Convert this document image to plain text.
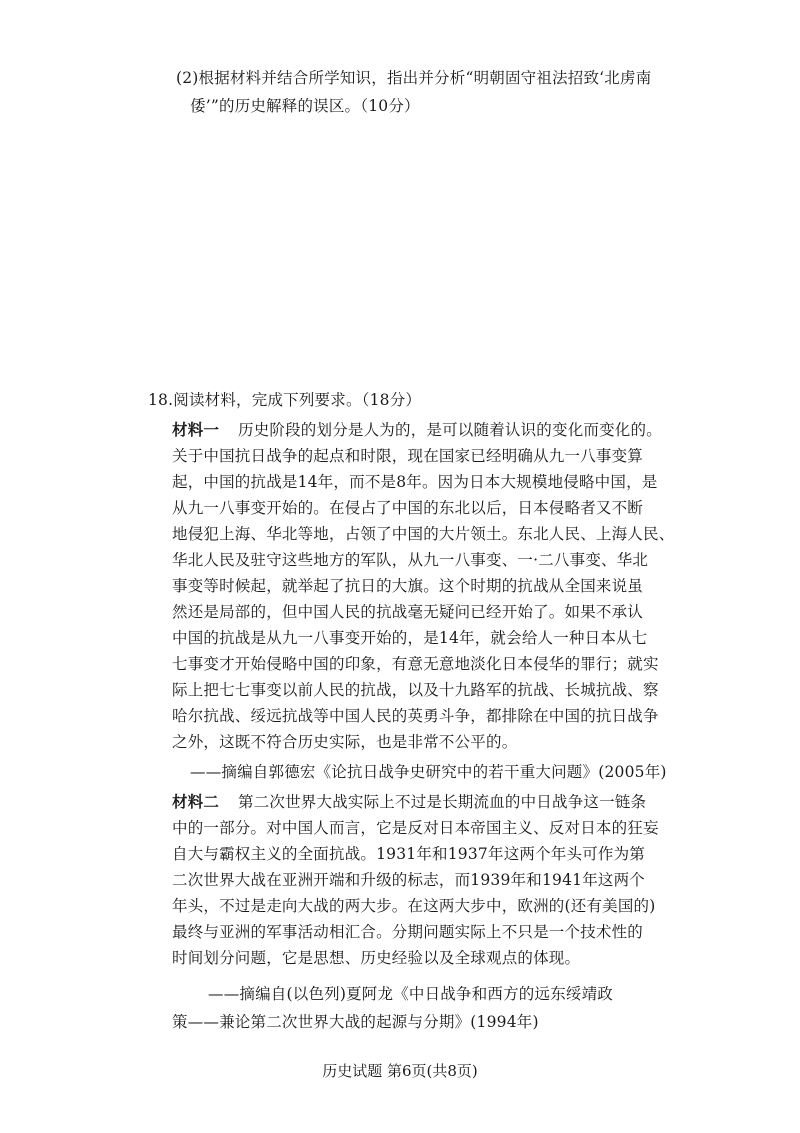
(2)根据材料并结合所学知识，指出并分析“明朝固守祖法招致‘北虏南
倭’”的历史解释的误区。（10分）
18.阅读材料，完成下列要求。（18分）
材料一 历史阶段的划分是人为的，是可以随着认识的变化而变化的。
关于中国抗日战争的起点和时限，现在国家已经明确从九一八事变算
起，中国的抗战是14年，而不是8年。因为日本大规模地侵略中国，是
从九一八事变开始的。在侵占了中国的东北以后，日本侵略者又不断
地侵犯上海、华北等地，占领了中国的大片领土。东北人民、上海人民、
华北人民及驻守这些地方的军队，从九一八事变、一·二八事变、华北
事变等时候起，就举起了抗日的大旗。这个时期的抗战从全国来说虽
然还是局部的，但中国人民的抗战毫无疑问已经开始了。如果不承认
中国的抗战是从九一八事变开始的，是14年，就会给人一种日本从七
七事变才开始侵略中国的印象，有意无意地淡化日本侵华的罪行；就实
际上把七七事变以前人民的抗战，以及十九路军的抗战、长城抗战、察
哈尔抗战、绥远抗战等中国人民的英勇斗争，都排除在中国的抗日战争
之外，这既不符合历史实际，也是非常不公平的。
——摘编自郭德宏《论抗日战争史研究中的若干重大问题》(2005年)
材料二 第二次世界大战实际上不过是长期流血的中日战争这一链条
中的一部分。对中国人而言，它是反对日本帝国主义、反对日本的狂妄
自大与霸权主义的全面抗战。1931年和1937年这两个年头可作为第
二次世界大战在亚洲开端和升级的标志，而1939年和1941年这两个
年头，不过是走向大战的两大步。在这两大步中，欧洲的(还有美国的)
最终与亚洲的军事活动相汇合。分期问题实际上不只是一个技术性的
时间划分问题，它是思想、历史经验以及全球观点的体现。
——摘编自(以色列)夏阿龙《中日战争和西方的远东绥靖政
策——兼论第二次世界大战的起源与分期》(1994年)
历史试题 第6页(共8页)
